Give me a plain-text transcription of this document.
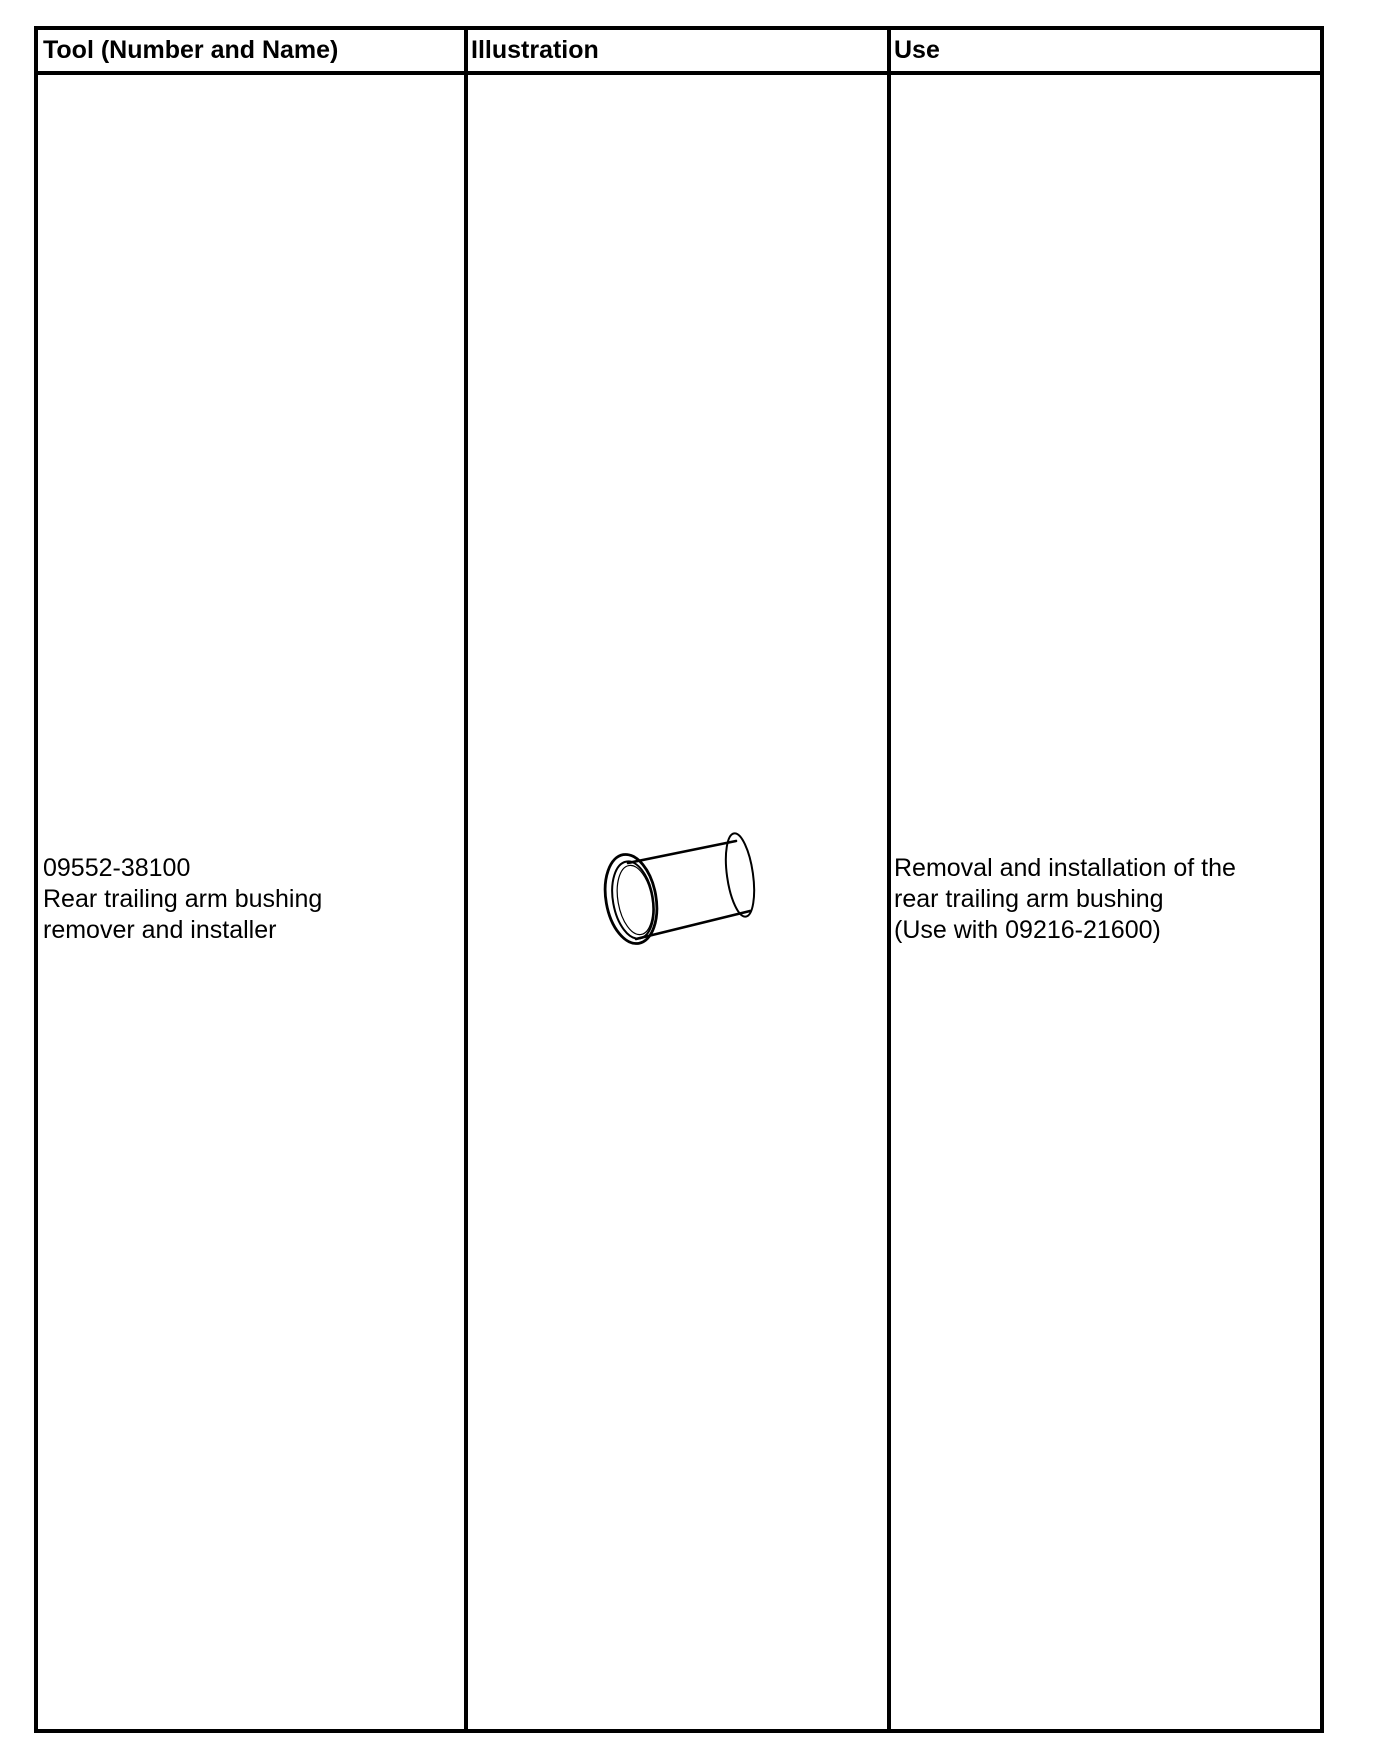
Tool (Number and Name)	Illustration	Use
09552-38100
Rear trailing arm bushing
remover and installer
Removal and installation of the
rear trailing arm bushing
(Use with 09216-21600)
